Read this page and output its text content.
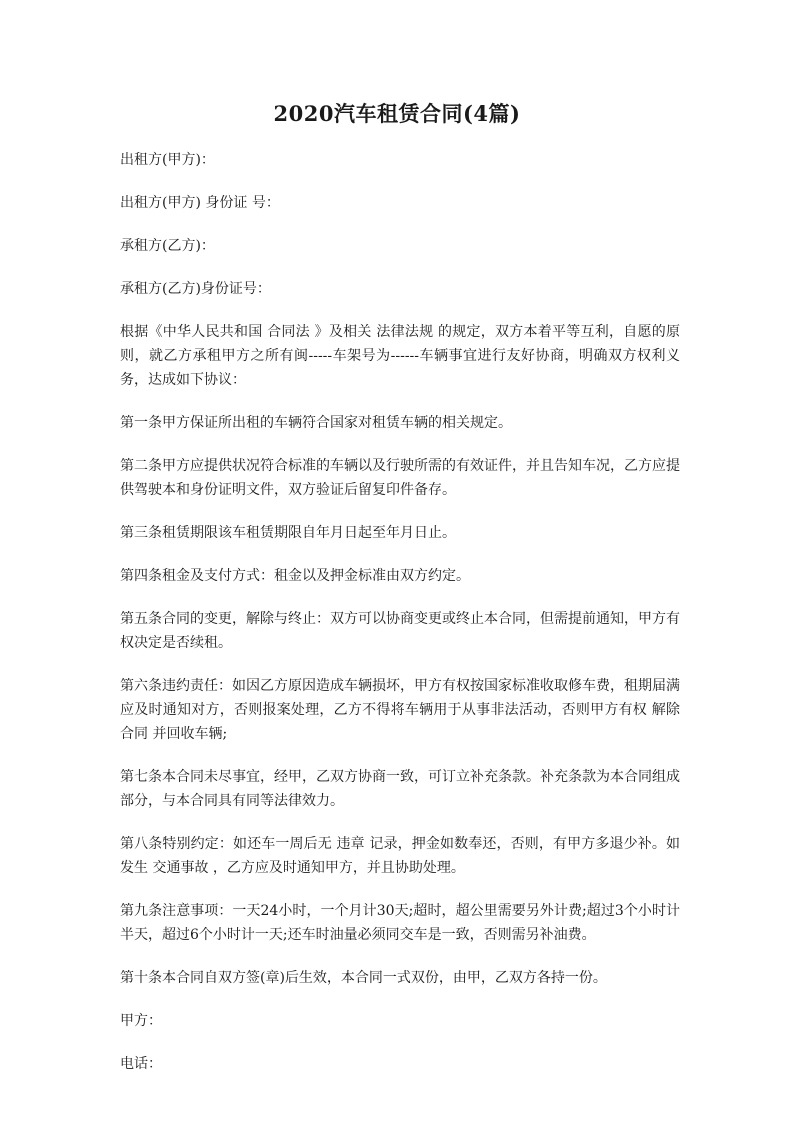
2020汽车租赁合同(4篇)

出租方(甲方)：

出租方(甲方) 身份证 号：

承租方(乙方)：

承租方(乙方)身份证号：

根据《中华人民共和国 合同法 》及相关 法律法规 的规定，双方本着平等互利，自愿的原则，就乙方承租甲方之所有闽-----车架号为------车辆事宜进行友好协商，明确双方权利义务，达成如下协议：

第一条甲方保证所出租的车辆符合国家对租赁车辆的相关规定。

第二条甲方应提供状况符合标准的车辆以及行驶所需的有效证件，并且告知车况，乙方应提供驾驶本和身份证明文件，双方验证后留复印件备存。

第三条租赁期限该车租赁期限自年月日起至年月日止。

第四条租金及支付方式：租金以及押金标准由双方约定。

第五条合同的变更，解除与终止：双方可以协商变更或终止本合同，但需提前通知，甲方有权决定是否续租。

第六条违约责任：如因乙方原因造成车辆损坏，甲方有权按国家标准收取修车费，租期届满应及时通知对方，否则报案处理，乙方不得将车辆用于从事非法活动，否则甲方有权 解除合同 并回收车辆;

第七条本合同未尽事宜，经甲，乙双方协商一致，可订立补充条款。补充条款为本合同组成部分，与本合同具有同等法律效力。

第八条特别约定：如还车一周后无 违章 记录，押金如数奉还，否则，有甲方多退少补。如发生 交通事故 ，乙方应及时通知甲方，并且协助处理。

第九条注意事项：一天24小时，一个月计30天;超时，超公里需要另外计费;超过3个小时计半天，超过6个小时计一天;还车时油量必须同交车是一致，否则需另补油费。

第十条本合同自双方签(章)后生效，本合同一式双份，由甲，乙双方各持一份。

甲方：

电话：
